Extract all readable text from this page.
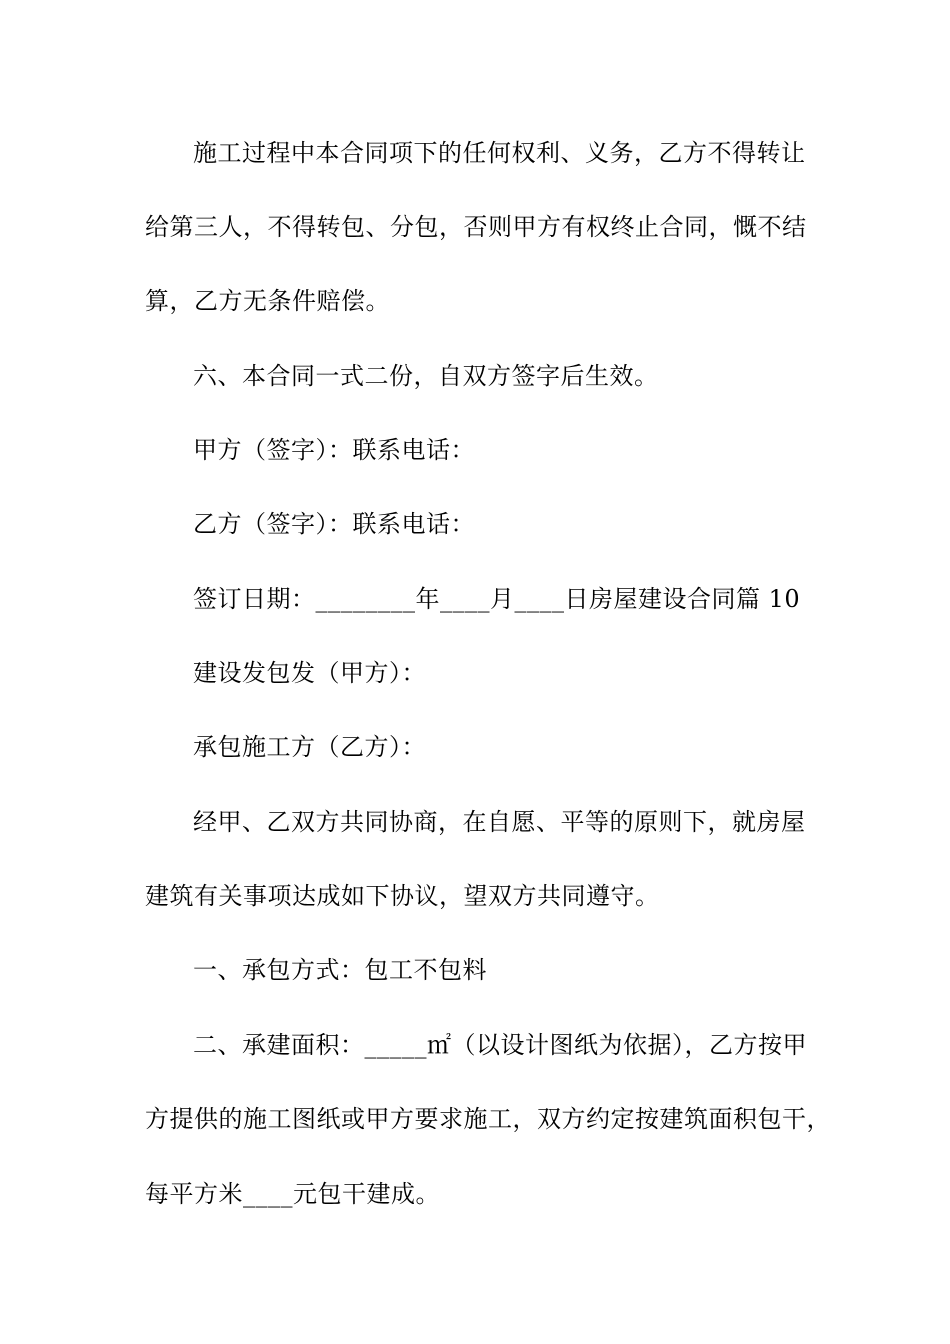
施工过程中本合同项下的任何权利、义务，乙方不得转让
给第三人，不得转包、分包，否则甲方有权终止合同，慨不结
算，乙方无条件赔偿。
六、本合同一式二份，自双方签字后生效。
甲方（签字）：联系电话：
乙方（签字）：联系电话：
签订日期：________年____月____日房屋建设合同篇 10
建设发包发（甲方）：
承包施工方（乙方）：
经甲、乙双方共同协商，在自愿、平等的原则下，就房屋
建筑有关事项达成如下协议，望双方共同遵守。
一、承包方式：包工不包料
二、承建面积：_____㎡（以设计图纸为依据），乙方按甲
方提供的施工图纸或甲方要求施工，双方约定按建筑面积包干，
每平方米____元包干建成。
